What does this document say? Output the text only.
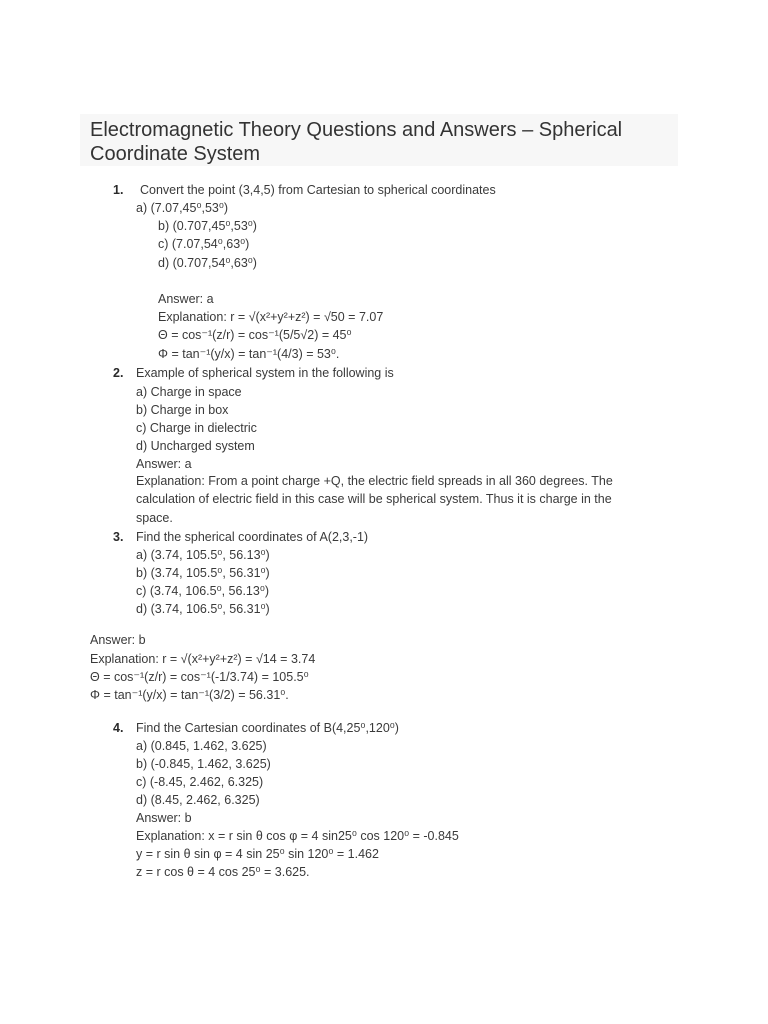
Electromagnetic Theory Questions and Answers – Spherical Coordinate System
1. Convert the point (3,4,5) from Cartesian to spherical coordinates
a) (7.07,45⁰,53⁰)
b) (0.707,45⁰,53⁰)
c) (7.07,54⁰,63⁰)
d) (0.707,54⁰,63⁰)
Answer: a
Explanation: r = √(x²+y²+z²) = √50 = 7.07
Θ = cos⁻¹(z/r) = cos⁻¹(5/5√2) = 45⁰
Φ = tan⁻¹(y/x) = tan⁻¹(4/3) = 53⁰.
2. Example of spherical system in the following is
a) Charge in space
b) Charge in box
c) Charge in dielectric
d) Uncharged system
Answer: a
Explanation: From a point charge +Q, the electric field spreads in all 360 degrees. The
calculation of electric field in this case will be spherical system. Thus it is charge in the
space.
3. Find the spherical coordinates of A(2,3,-1)
a) (3.74, 105.5⁰, 56.13⁰)
b) (3.74, 105.5⁰, 56.31⁰)
c) (3.74, 106.5⁰, 56.13⁰)
d) (3.74, 106.5⁰, 56.31⁰)
Answer: b
Explanation: r = √(x²+y²+z²) = √14 = 3.74
Θ = cos⁻¹(z/r) = cos⁻¹(-1/3.74) = 105.5⁰
Φ = tan⁻¹(y/x) = tan⁻¹(3/2) = 56.31⁰.
4. Find the Cartesian coordinates of B(4,25⁰,120⁰)
a) (0.845, 1.462, 3.625)
b) (-0.845, 1.462, 3.625)
c) (-8.45, 2.462, 6.325)
d) (8.45, 2.462, 6.325)
Answer: b
Explanation: x = r sin θ cos φ = 4 sin25⁰ cos 120⁰ = -0.845
y = r sin θ sin φ = 4 sin 25⁰ sin 120⁰ = 1.462
z = r cos θ = 4 cos 25⁰ = 3.625.
